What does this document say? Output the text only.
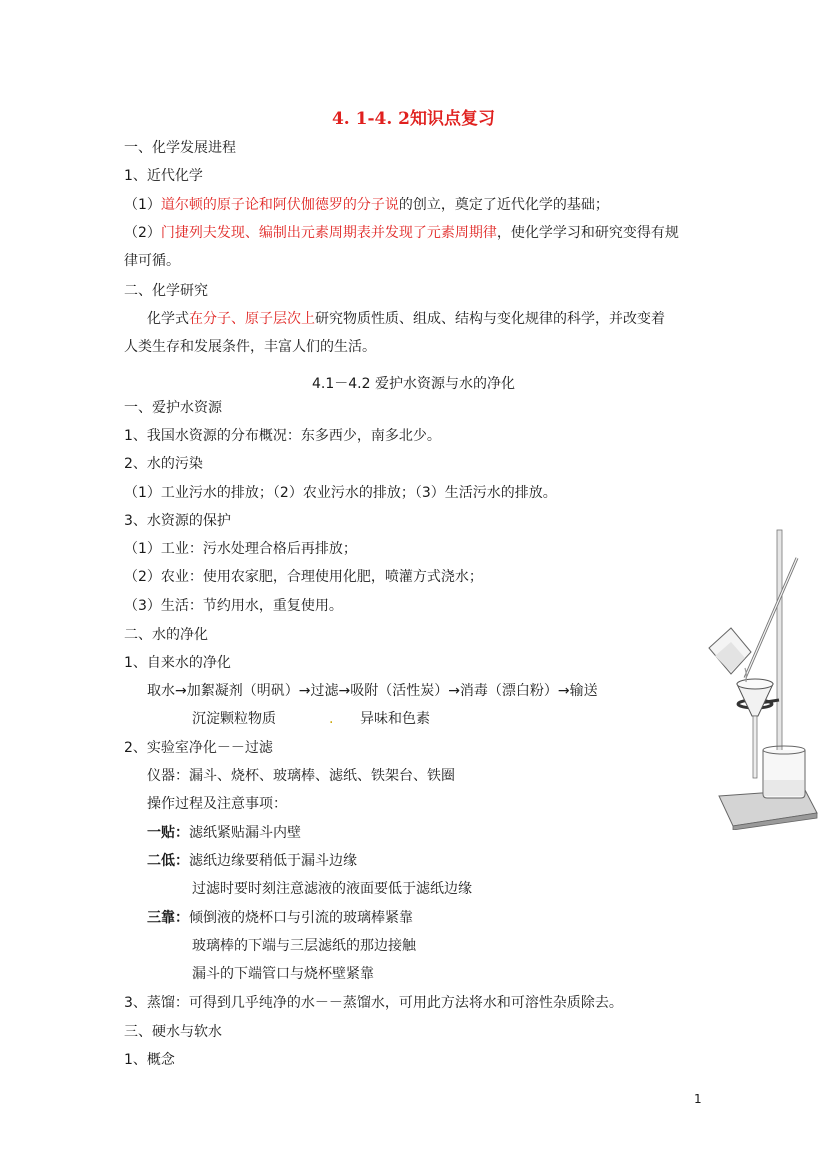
4. 1-4. 2知识点复习
一、化学发展进程
1、近代化学
（1）道尔顿的原子论和阿伏伽德罗的分子说的创立，奠定了近代化学的基础；
（2）门捷列夫发现、编制出元素周期表并发现了元素周期律，使化学学习和研究变得有规
律可循。
二、化学研究
化学式在分子、原子层次上研究物质性质、组成、结构与变化规律的科学，并改变着
人类生存和发展条件，丰富人们的生活。
4.1－4.2 爱护水资源与水的净化
一、爱护水资源
1、我国水资源的分布概况：东多西少，南多北少。
2、水的污染
（1）工业污水的排放；（2）农业污水的排放；（3）生活污水的排放。
3、水资源的保护
（1）工业：污水处理合格后再排放；
（2）农业：使用农家肥，合理使用化肥，喷灌方式浇水；
（3）生活：节约用水，重复使用。
二、水的净化
1、自来水的净化
取水→加絮凝剂（明矾）→过滤→吸附（活性炭）→消毒（漂白粉）→输送
沉淀颗粒物质	. 异味和色素
2、实验室净化－－过滤
仪器：漏斗、烧杯、玻璃棒、滤纸、铁架台、铁圈
操作过程及注意事项：
一贴：滤纸紧贴漏斗内壁
二低：滤纸边缘要稍低于漏斗边缘
过滤时要时刻注意滤液的液面要低于滤纸边缘
三靠：倾倒液的烧杯口与引流的玻璃棒紧靠
玻璃棒的下端与三层滤纸的那边接触
漏斗的下端管口与烧杯壁紧靠
3、蒸馏：可得到几乎纯净的水－－蒸馏水，可用此方法将水和可溶性杂质除去。
三、硬水与软水
1、概念
1
